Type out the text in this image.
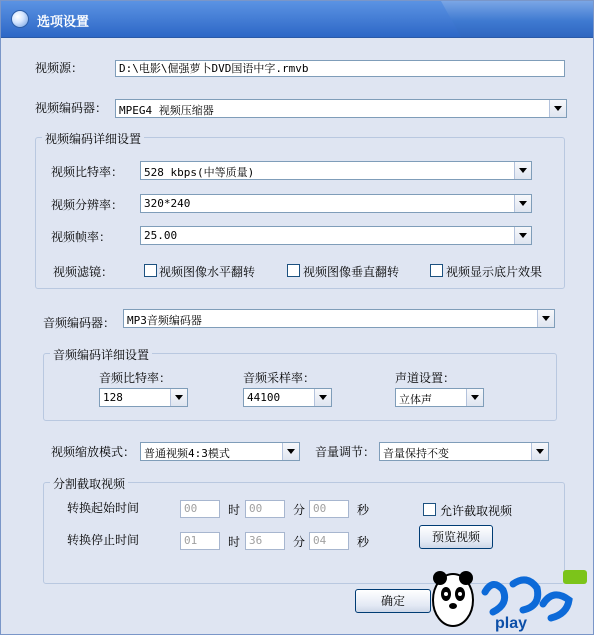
选项设置
视频源：	D:\电影\倔强萝卜DVD国语中字.rmvb
视频编码器： MPEG4 视频压缩器
视频编码详细设置
视频比特率： 528 kbps(中等质量)
视频分辨率： 320*240
视频帧率：	25.00
视频滤镜：	视频图像水平翻转	视频图像垂直翻转	视频显示底片效果
音频编码器： MP3音频编码器
音频编码详细设置
音频比特率：
128
音频采样率：
44100
声道设置：
立体声
视频缩放模式： 普通视频4:3模式	音量调节： 音量保持不变
分割截取视频
转换起始时间	00	时 00	分 00	秒	允许截取视频
转换停止时间	01	时 36	分 04	秒	预览视频
确定
play
